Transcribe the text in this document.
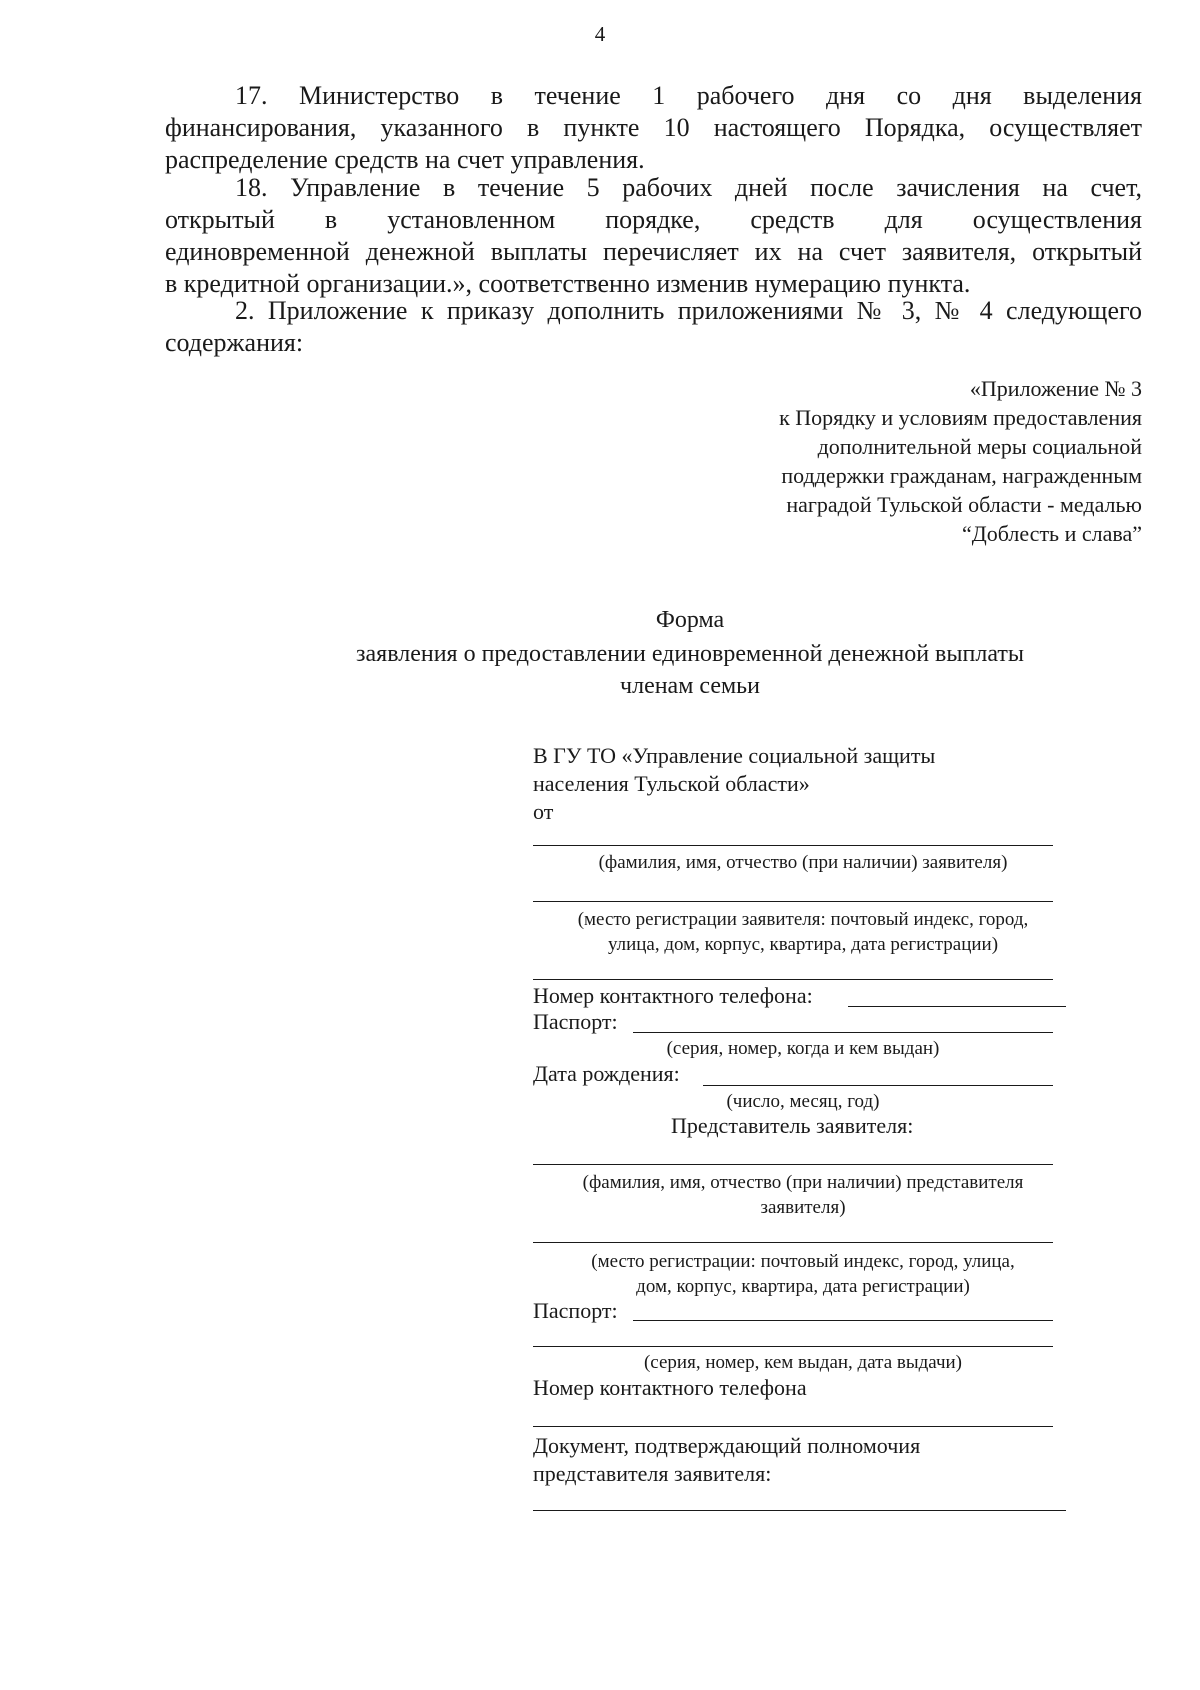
4
17. Министерство в течение 1 рабочего дня со дня выделения
финансирования, указанного в пункте 10 настоящего Порядка, осуществляет
распределение средств на счет управления.
18. Управление в течение 5 рабочих дней после зачисления на счет,
открытый в установленном порядке, средств для осуществления
единовременной денежной выплаты перечисляет их на счет заявителя, открытый
в кредитной организации.», соответственно изменив нумерацию пункта.
2. Приложение к приказу дополнить приложениями № 3, № 4 следующего
содержания:
«Приложение № 3
к Порядку и условиям предоставления
дополнительной меры социальной
поддержки гражданам, награжденным
наградой Тульской области - медалью
“Доблесть и слава”
Форма
заявления о предоставлении единовременной денежной выплаты
членам семьи
В ГУ ТО «Управление социальной защиты
населения Тульской области»
от
(фамилия, имя, отчество (при наличии) заявителя)
(место регистрации заявителя: почтовый индекс, город,
улица, дом, корпус, квартира, дата регистрации)
Номер контактного телефона:
Паспорт:
(серия, номер, когда и кем выдан)
Дата рождения:
(число, месяц, год)
Представитель заявителя:
(фамилия, имя, отчество (при наличии) представителя
заявителя)
(место регистрации: почтовый индекс, город, улица,
дом, корпус, квартира, дата регистрации)
Паспорт:
(серия, номер, кем выдан, дата выдачи)
Номер контактного телефона
Документ, подтверждающий полномочия
представителя заявителя:
